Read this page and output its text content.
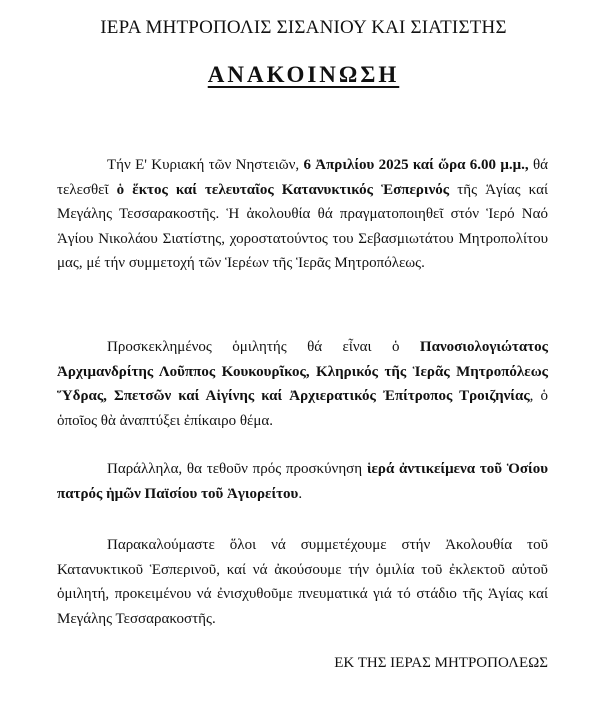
ΙΕΡΑ ΜΗΤΡΟΠΟΛΙΣ ΣΙΣΑΝΙΟΥ ΚΑΙ ΣΙΑΤΙΣΤΗΣ
ΑΝΑΚΟΙΝΩΣΗ

Τήν Ε' Κυριακή τῶν Νηστειῶν, 6 Ἀπριλίου 2025 καί ὥρα 6.00 μ.μ., θά τελεσθεῖ ὁ ἕκτος καί τελευταῖος Κατανυκτικός Ἑσπερινός τῆς Ἁγίας καί Μεγάλης Τεσσαρακοστῆς. Ἡ ἀκολουθία θά πραγματοποιηθεῖ στόν Ἱερό Ναό Ἁγίου Νικολάου Σιατίστης, χοροστατούντος του Σεβασμιωτάτου Μητροπολίτου μας, μέ τήν συμμετοχή τῶν Ἱερέων τῆς Ἱερᾶς Μητροπόλεως.

Προσκεκλημένος ὁμιλητής θά εἶναι ὁ Πανοσιολογιώτατος Ἀρχιμανδρίτης Λοῦππος Κουκουρῖκος, Κληρικός τῆς Ἱερᾶς Μητροπόλεως Ὕδρας, Σπετσῶν καί Αἰγίνης καί Ἀρχιερατικός Ἐπίτροπος Τροιζηνίας, ὁ ὁποῖος θὰ ἀναπτύξει ἐπίκαιρο θέμα.

Παράλληλα, θα τεθοῦν πρός προσκύνηση ἱερά ἀντικείμενα τοῦ Ὁσίου πατρός ἡμῶν Παϊσίου τοῦ Ἁγιορείτου.

Παρακαλούμαστε ὅλοι νά συμμετέχουμε στήν Ἀκολουθία τοῦ Κατανυκτικοῦ Ἑσπερινοῦ, καί νά ἀκούσουμε τήν ὁμιλία τοῦ ἐκλεκτοῦ αὐτοῦ ὁμιλητή, προκειμένου νά ἐνισχυθοῦμε πνευματικά γιά τό στάδιο τῆς Ἁγίας καί Μεγάλης Τεσσαρακοστῆς.

ΕΚ ΤΗΣ ΙΕΡΑΣ ΜΗΤΡΟΠΟΛΕΩΣ
